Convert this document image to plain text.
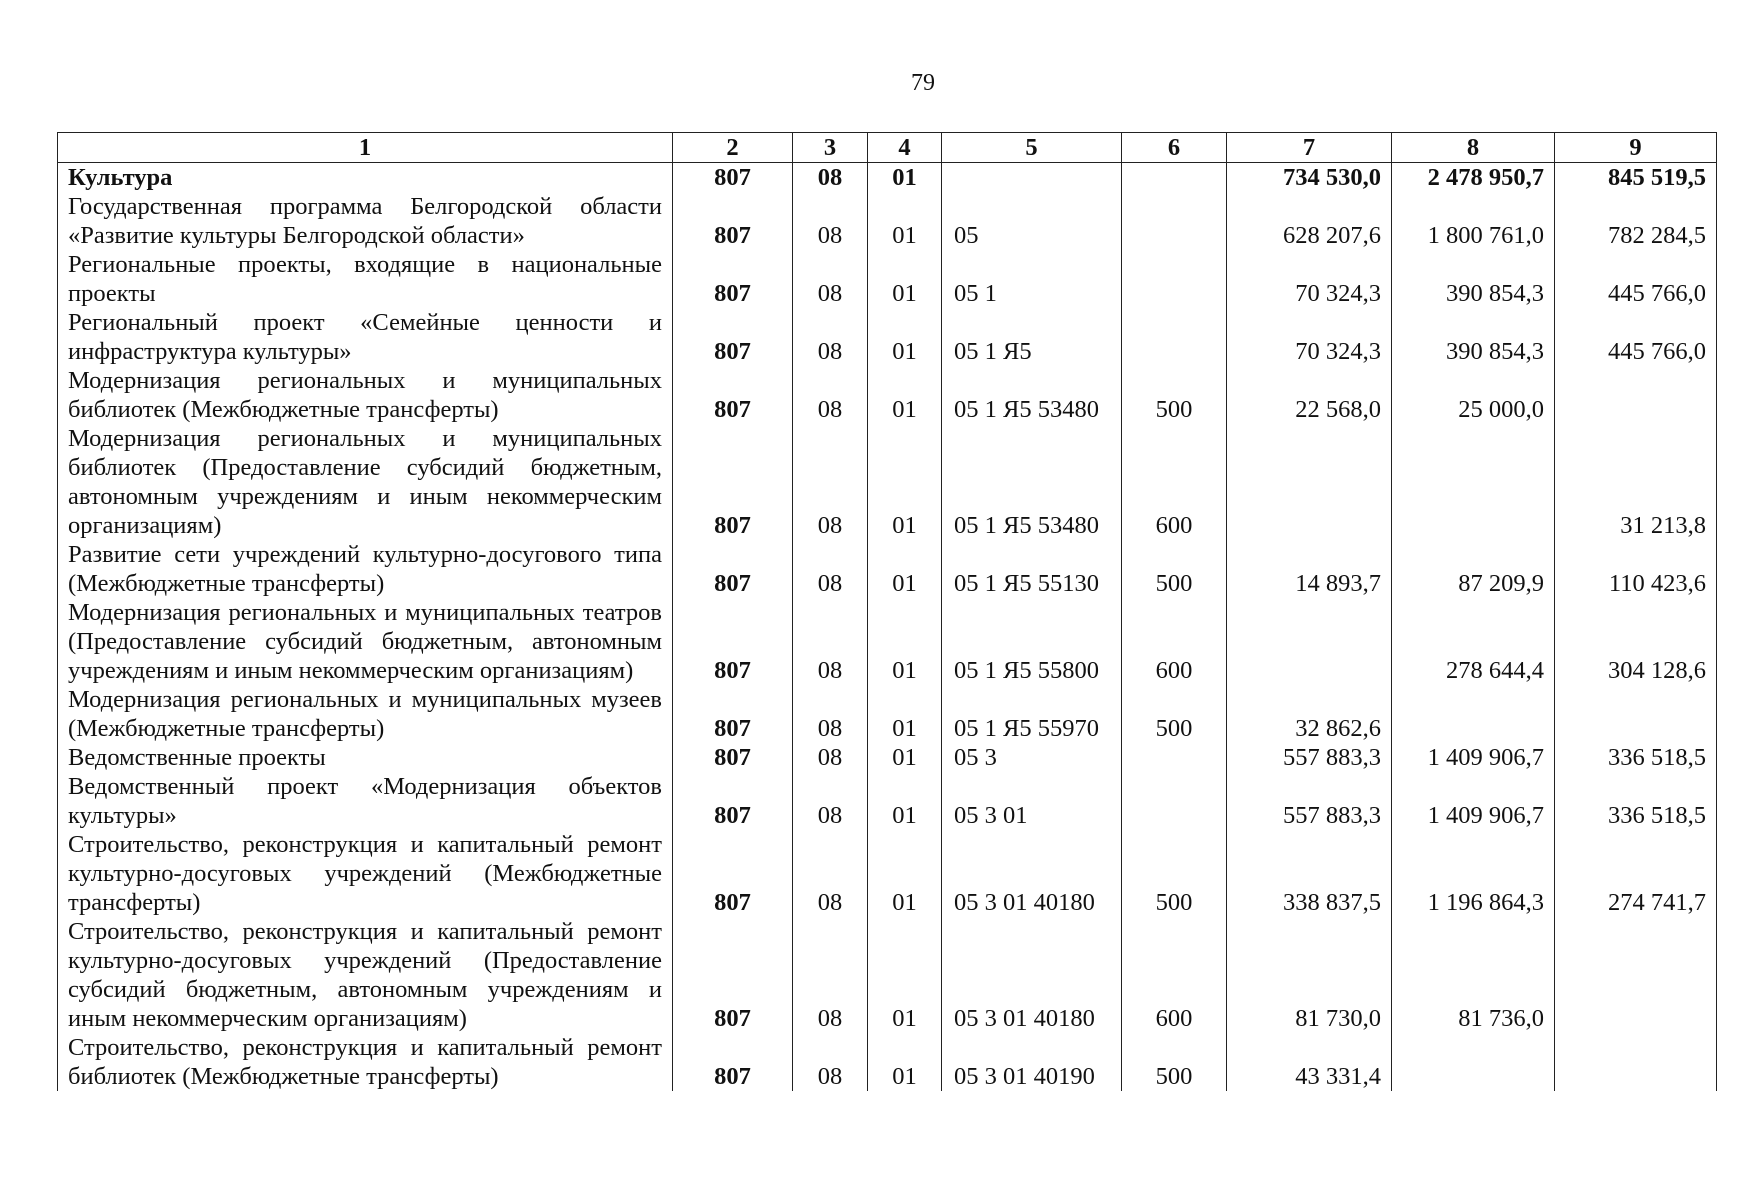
79
1	2	3	4	5	6	7	8	9
Культура	807	08	01			734 530,0	2 478 950,7	845 519,5
Государственная программа Белгородской области «Развитие культуры Белгородской области»	807	08	01	05		628 207,6	1 800 761,0	782 284,5
Региональные проекты, входящие в национальные проекты	807	08	01	05 1		70 324,3	390 854,3	445 766,0
Региональный проект «Семейные ценности и инфраструктура культуры»	807	08	01	05 1 Я5		70 324,3	390 854,3	445 766,0
Модернизация региональных и муниципальных библиотек (Межбюджетные трансферты)	807	08	01	05 1 Я5 53480	500	22 568,0	25 000,0	
Модернизация региональных и муниципальных библиотек (Предоставление субсидий бюджетным, автономным учреждениям и иным некоммерческим организациям)	807	08	01	05 1 Я5 53480	600			31 213,8
Развитие сети учреждений культурно-досугового типа (Межбюджетные трансферты)	807	08	01	05 1 Я5 55130	500	14 893,7	87 209,9	110 423,6
Модернизация региональных и муниципальных театров (Предоставление субсидий бюджетным, автономным учреждениям и иным некоммерческим организациям)	807	08	01	05 1 Я5 55800	600		278 644,4	304 128,6
Модернизация региональных и муниципальных музеев (Межбюджетные трансферты)	807	08	01	05 1 Я5 55970	500	32 862,6		
Ведомственные проекты	807	08	01	05 3		557 883,3	1 409 906,7	336 518,5
Ведомственный проект «Модернизация объектов культуры»	807	08	01	05 3 01		557 883,3	1 409 906,7	336 518,5
Строительство, реконструкция и капитальный ремонт культурно-досуговых учреждений (Межбюджетные трансферты)	807	08	01	05 3 01 40180	500	338 837,5	1 196 864,3	274 741,7
Строительство, реконструкция и капитальный ремонт культурно-досуговых учреждений (Предоставление субсидий бюджетным, автономным учреждениям и иным некоммерческим организациям)	807	08	01	05 3 01 40180	600	81 730,0	81 736,0	
Строительство, реконструкция и капитальный ремонт библиотек (Межбюджетные трансферты)	807	08	01	05 3 01 40190	500	43 331,4		
